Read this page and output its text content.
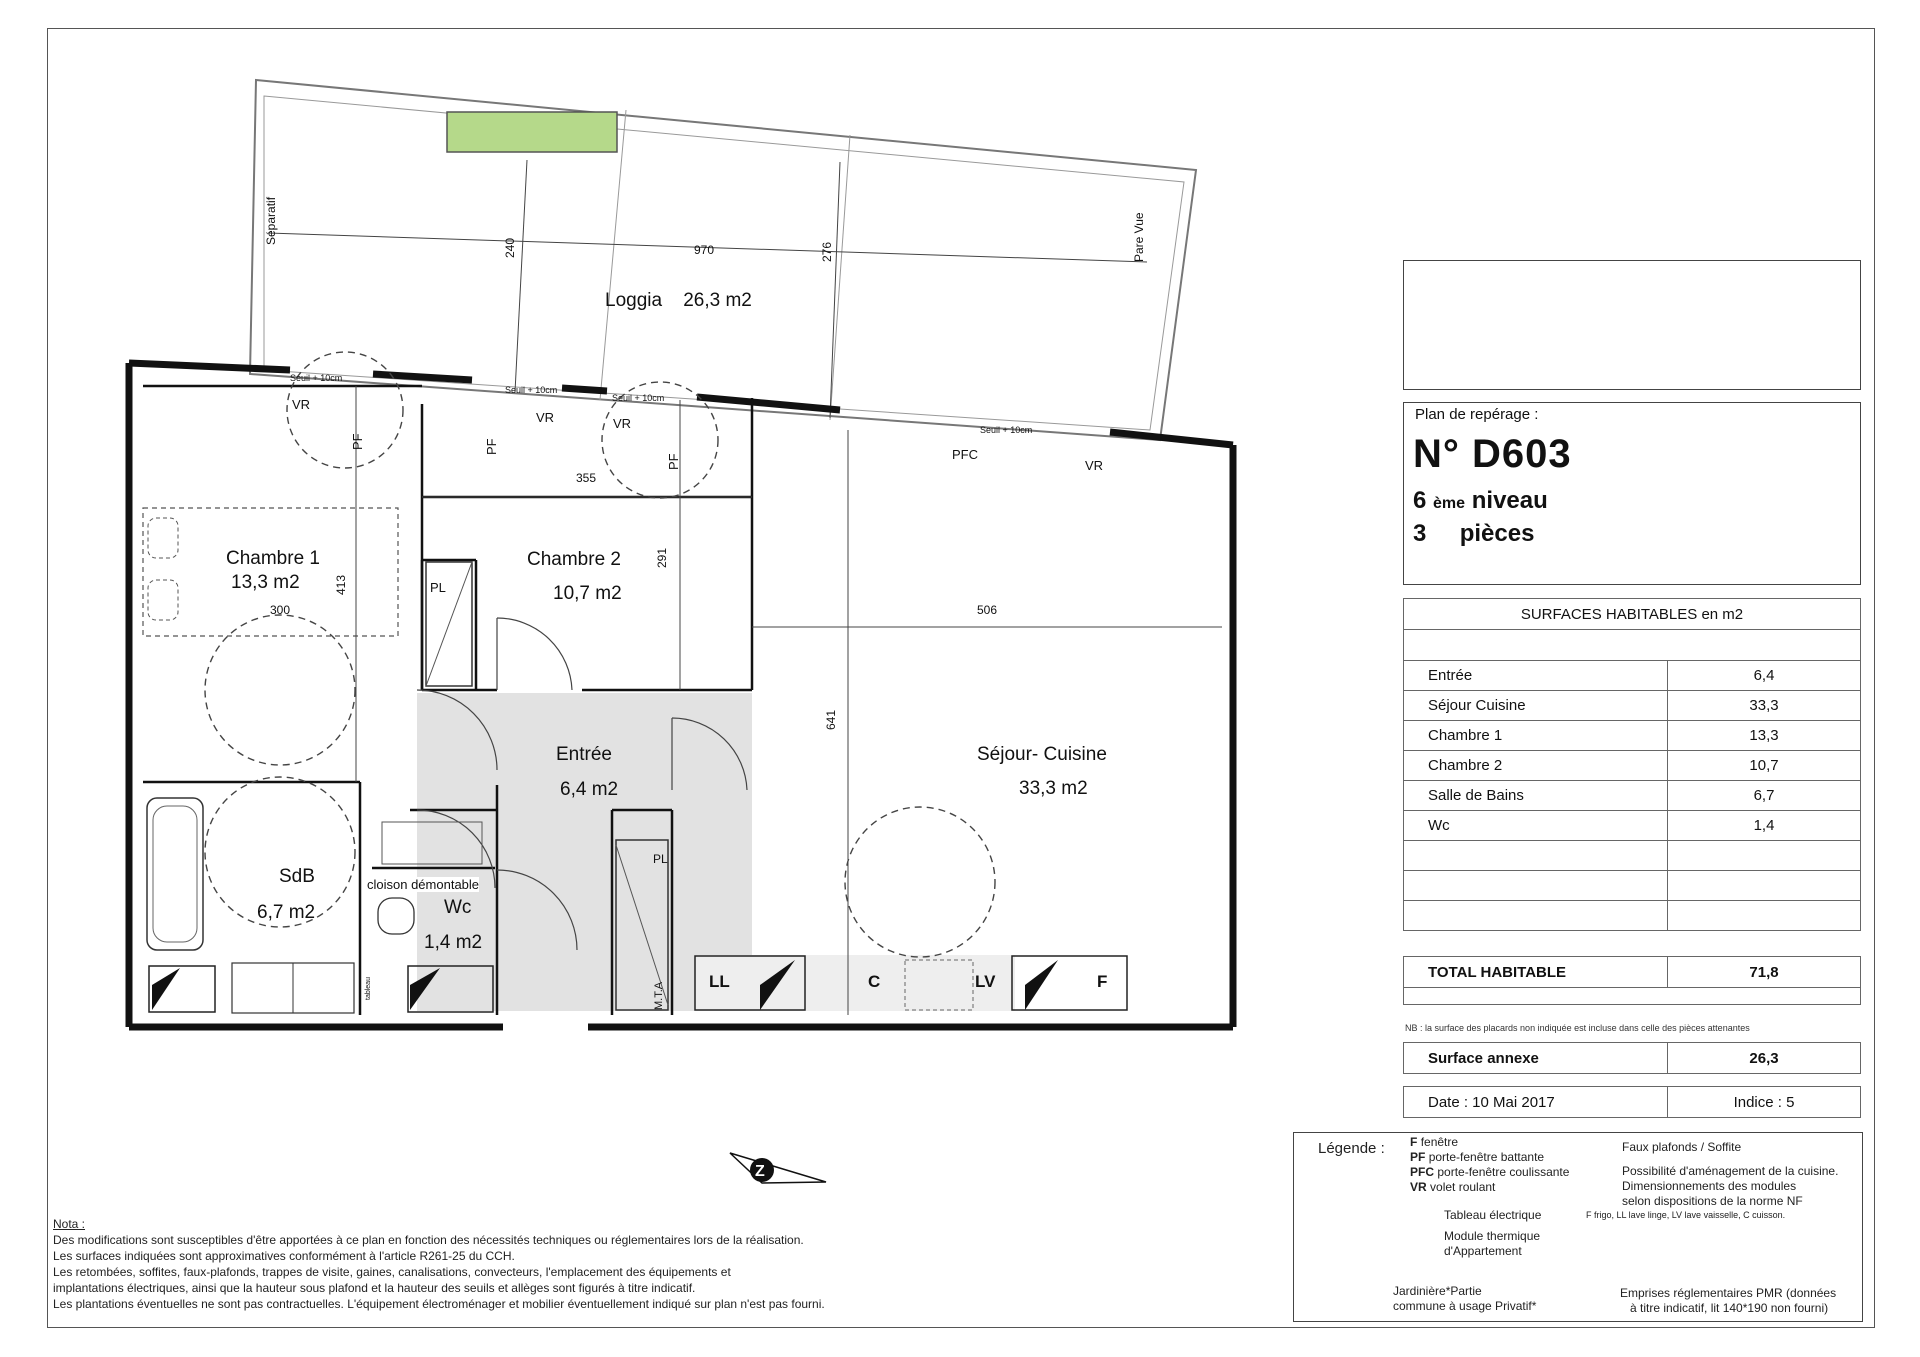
Z
Loggia 26,3 m2
Séparatif	Pare Vue
970
240	276
Seuil + 10cm
Seuil + 10cm
Seuil + 10cm
Seuil + 10cm
VR
VR	VR
VR
PF	PF
PF	PFC
Chambre 1
13,3 m2
300
413
Chambre 2
10,7 m2
355
291
PL
Entrée
6,4 m2
Séjour- Cuisine
33,3 m2
506
641
SdB
6,7 m2
cloison démontable
Wc
1,4 m2
PL
M.T.A
tableau	LL	C	LV	F
Plan de repérage :
N° D603
6 ème niveau
3 pièces
SURFACES HABITABLES en m2	

Entrée	6,4
Séjour Cuisine	33,3
Chambre 1	13,3
Chambre 2	10,7
Salle de Bains	6,7
Wc	1,4

TOTAL HABITABLE	71,8

NB : la surface des placards non indiquée est incluse dans celle des pièces attenantes
Surface annexe	26,3
Date : 10 Mai 2017	Indice : 5
Légende : F fenêtre
PF porte-fenêtre battante
PFC porte-fenêtre coulissante
VR volet roulant
Tableau électrique
Module thermique
d'Appartement
Jardinière*Partie
commune à usage Privatif*
Faux plafonds / Soffite
Possibilité d'aménagement de la cuisine.
Dimensionnements des modules
selon dispositions de la norme NF
F frigo, LL lave linge, LV lave vaisselle, C cuisson.
Emprises réglementaires PMR (données
à titre indicatif, lit 140*190 non fourni)
Nota :
Des modifications sont susceptibles d'être apportées à ce plan en fonction des nécessités techniques ou réglementaires lors de la réalisation.
Les surfaces indiquées sont approximatives conformément à l'article R261-25 du CCH.
Les retombées, soffites, faux-plafonds, trappes de visite, gaines, canalisations, convecteurs, l'emplacement des équipements et
implantations électriques, ainsi que la hauteur sous plafond et la hauteur des seuils et allèges sont figurés à titre indicatif.
Les plantations éventuelles ne sont pas contractuelles. L'équipement électroménager et mobilier éventuellement indiqué sur plan n'est pas fourni.
